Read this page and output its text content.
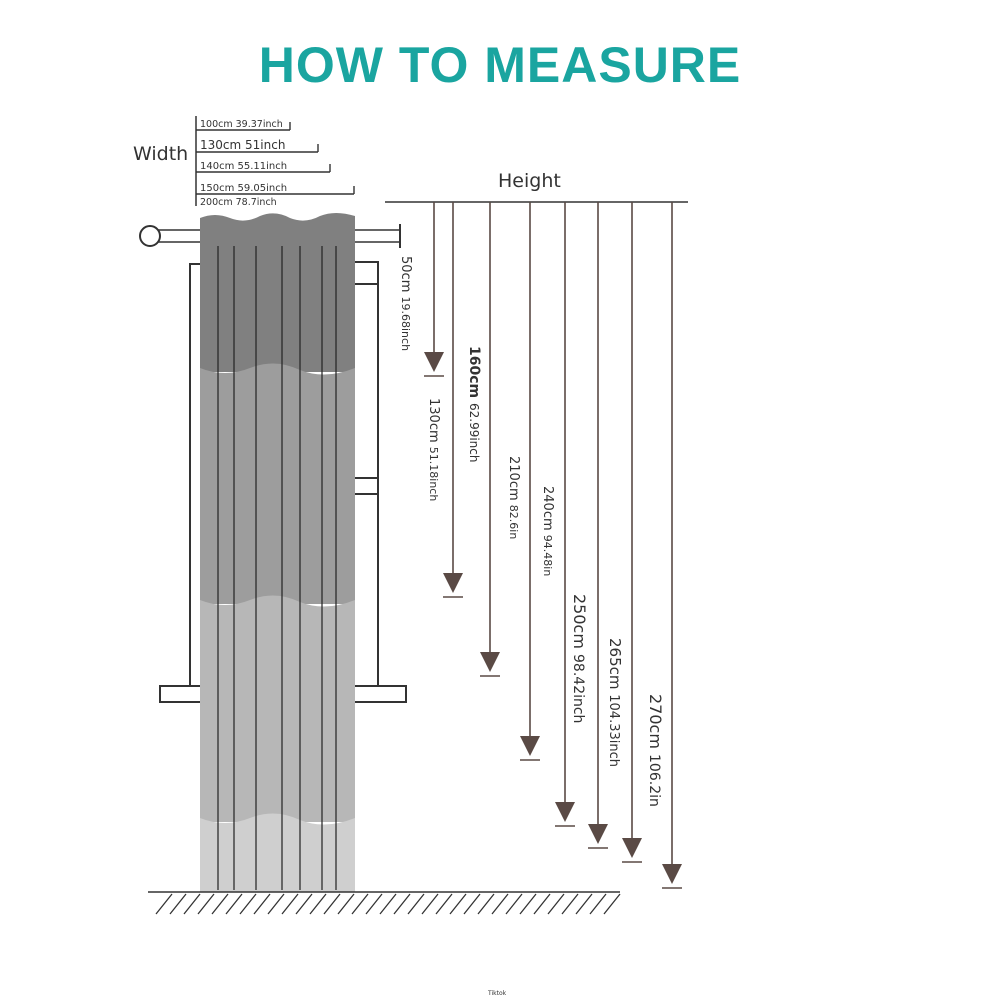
HOW TO MEASURE
Width
100cm 39.37inch
130cm 51inch
140cm 55.11inch
150cm 59.05inch
200cm 78.7inch
Height
50cm 19.68inch
130cm 51.18inch
160cm 62.99inch
210cm 82.6in 240cm 94.48in
250cm 98.42inch 265cm 104.33inch 270cm 106.2in
Tiktok
